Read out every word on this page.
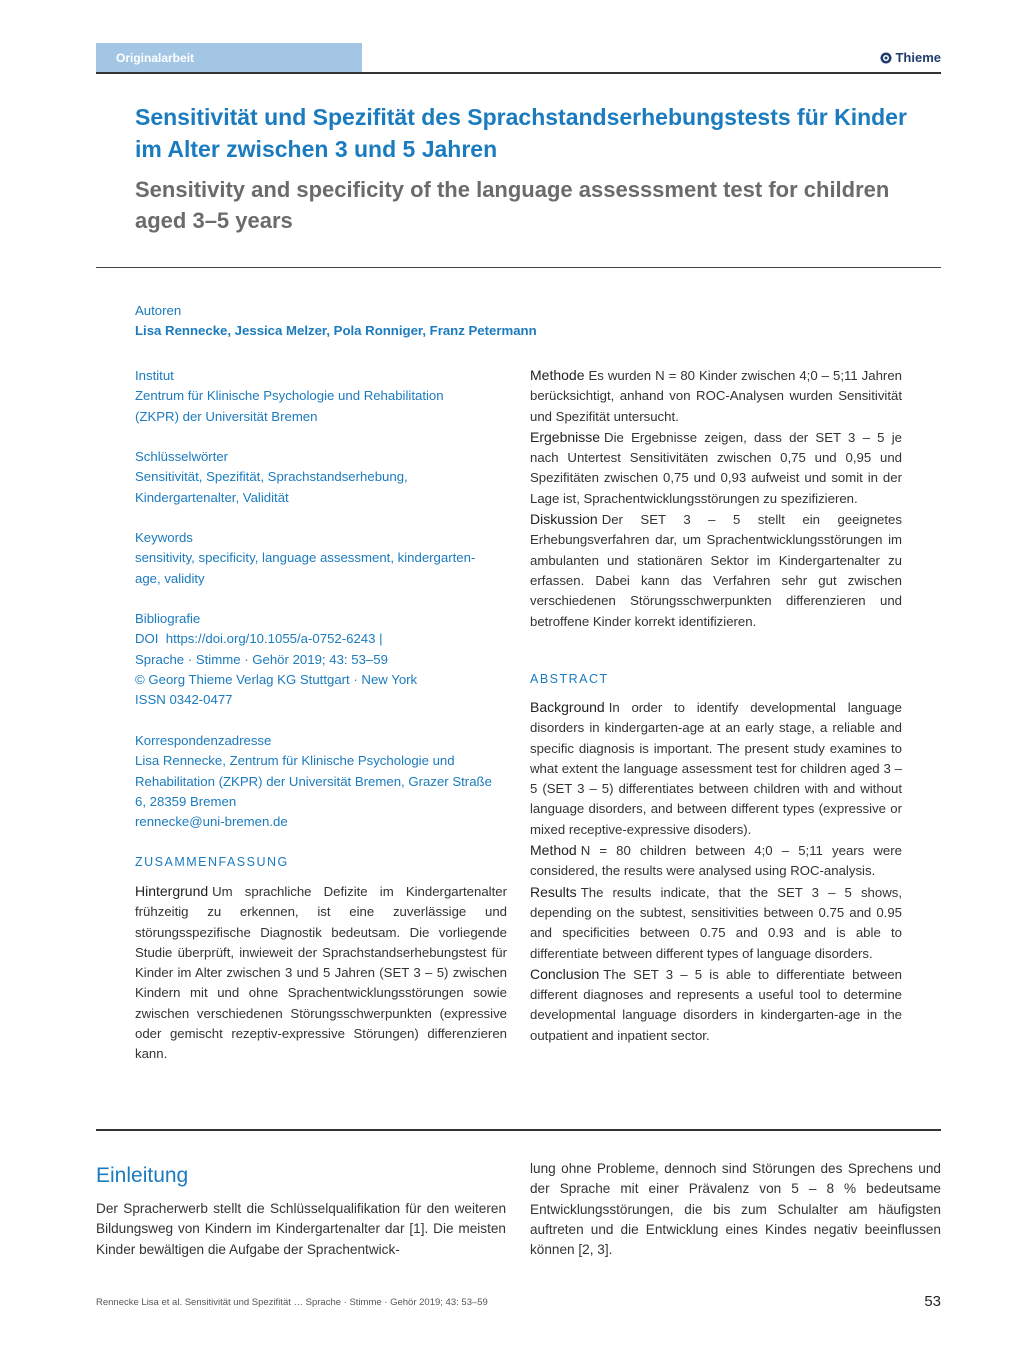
Originalarbeit	Thieme
Sensitivität und Spezifität des Sprachstandserhebungstests für Kinder im Alter zwischen 3 und 5 Jahren
Sensitivity and specificity of the language assesssment test for children aged 3–5 years
Autoren
Lisa Rennecke, Jessica Melzer, Pola Ronniger, Franz Petermann
Institut
Zentrum für Klinische Psychologie und Rehabilitation
(ZKPR) der Universität Bremen
Schlüsselwörter
Sensitivität, Spezifität, Sprachstandserhebung,
Kindergartenalter, Validität
Keywords
sensitivity, specificity, language assessment, kindergarten-
age, validity
Bibliografie
DOI https://doi.org/10.1055/a-0752-6243 |
Sprache · Stimme · Gehör 2019; 43: 53–59
© Georg Thieme Verlag KG Stuttgart · New York
ISSN 0342-0477
Korrespondenzadresse
Lisa Rennecke, Zentrum für Klinische Psychologie und
Rehabilitation (ZKPR) der Universität Bremen, Grazer Straße
6, 28359 Bremen
rennecke@uni-bremen.de
ZUSAMMENFASSUNG

Hintergrund Um sprachliche Defizite im Kindergartenalter frühzeitig zu erkennen, ist eine zuverlässige und störungsspezifische Diagnostik bedeutsam. Die vorliegende Studie überprüft, inwieweit der Sprachstandserhebungstest für Kinder im Alter zwischen 3 und 5 Jahren (SET 3 – 5) zwischen Kindern mit und ohne Sprachentwicklungsstörungen sowie zwischen verschiedenen Störungsschwerpunkten (expressive oder gemischt rezeptiv-expressive Störungen) differenzieren kann.

Methode Es wurden N = 80 Kinder zwischen 4;0 – 5;11 Jahren berücksichtigt, anhand von ROC-Analysen wurden Sensitivität und Spezifität untersucht.

Ergebnisse Die Ergebnisse zeigen, dass der SET 3 – 5 je nach Untertest Sensitivitäten zwischen 0,75 und 0,95 und Spezifitäten zwischen 0,75 und 0,93 aufweist und somit in der Lage ist, Sprachentwicklungsstörungen zu spezifizieren.

Diskussion Der SET 3 – 5 stellt ein geeignetes Erhebungsverfahren dar, um Sprachentwicklungsstörungen im ambulanten und stationären Sektor im Kindergartenalter zu erfassen. Dabei kann das Verfahren sehr gut zwischen verschiedenen Störungsschwerpunkten differenzieren und betroffene Kinder korrekt identifizieren.

ABSTRACT

Background In order to identify developmental language disorders in kindergarten-age at an early stage, a reliable and specific diagnosis is important. The present study examines to what extent the language assessment test for children aged 3 – 5 (SET 3 – 5) differentiates between children with and without language disorders, and between different types (expressive or mixed receptive-expressive disoders).

Method N = 80 children between 4;0 – 5;11 years were considered, the results were analysed using ROC-analysis.

Results The results indicate, that the SET 3 – 5 shows, depending on the subtest, sensitivities between 0.75 and 0.95 and specificities between 0.75 and 0.93 and is able to differentiate between different types of language disorders.

Conclusion The SET 3 – 5 is able to differentiate between different diagnoses and represents a useful tool to determine developmental language disorders in kindergarten-age in the outpatient and inpatient sector.

Einleitung
Der Spracherwerb stellt die Schlüsselqualifikation für den weiteren Bildungsweg von Kindern im Kindergartenalter dar [1]. Die meisten Kinder bewältigen die Aufgabe der Sprachentwick-
lung ohne Probleme, dennoch sind Störungen des Sprechens und der Sprache mit einer Prävalenz von 5 – 8 % bedeutsame Entwicklungsstörungen, die bis zum Schulalter am häufigsten auftreten und die Entwicklung eines Kindes negativ beeinflussen können [2, 3].
Rennecke Lisa et al. Sensitivität und Spezifität … Sprache · Stimme · Gehör 2019; 43: 53–59	53
